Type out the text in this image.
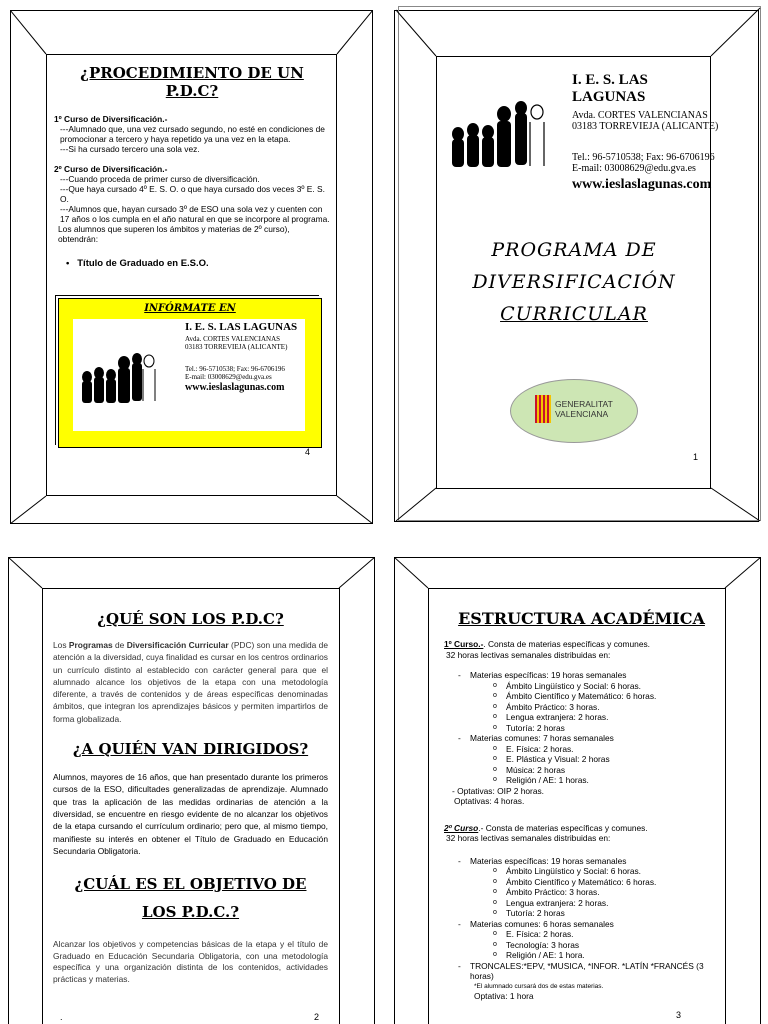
¿PROCEDIMIENTO DE UN P.D.C?

1º Curso de Diversificación.-

---Alumnado que, una vez cursado segundo, no esté en condiciones de promocionar a tercero y haya repetido ya una vez en la etapa.

---Si ha cursado tercero una sola vez.

2º Curso de Diversificación.-

---Cuando proceda de primer curso de diversificación.

---Que haya cursado 4º E. S. O. o que haya cursado dos veces 3º E. S. O.

---Alumnos que, hayan cursado 3º de ESO una sola vez y cuenten con 17 años o los cumpla en el año natural en que se incorpore al programa.

Los alumnos que superen los ámbitos y materias de 2º curso), obtendrán:

•   Título de Graduado en E.S.O.

INFÓRMATE EN

I. E. S. LAS LAGUNAS

Avda. CORTES VALENCIANAS

03183 TORREVIEJA (ALICANTE)

Tel.: 96-5710538; Fax: 96-6706196

E-mail: 03008629@edu.gva.es

www.ieslaslagunas.com

4

I. E. S. LAS LAGUNAS

Avda. CORTES VALENCIANAS

03183 TORREVIEJA (ALICANTE)

Tel.: 96-5710538; Fax: 96-6706196

E-mail: 03008629@edu.gva.es

www.ieslaslagunas.com

PROGRAMA DE

DIVERSIFICACIÓN

CURRICULAR

GENERALITAT

VALENCIANA

1

¿QUÉ SON LOS P.D.C?

Los Programas de Diversificación Curricular (PDC) son una medida de atención a la diversidad, cuya finalidad es cursar en los centros ordinarios un currículo distinto al establecido con carácter general para que el alumnado alcance los objetivos de la etapa con una metodología diferente, a través de contenidos y de áreas específicas denominadas ámbitos, que integran los aprendizajes básicos y permiten impartirlos de forma globalizada.

¿A QUIÉN VAN DIRIGIDOS?

Alumnos, mayores de 16 años, que han presentado durante los primeros cursos de la ESO, dificultades generalizadas de aprendizaje. Alumnado que tras la aplicación de las medidas ordinarias de atención a la diversidad, se encuentre en riesgo evidente de no alcanzar los objetivos de la etapa cursando el currículum ordinario; pero que, al mismo tiempo, manifieste su interés en obtener el Título de Graduado en Educación Secundaria Obligatoria.

¿CUÁL ES EL OBJETIVO DE

LOS P.D.C.?

Alcanzar los objetivos y competencias básicas de la etapa y el título de Graduado en Educación Secundaria Obligatoria, con una metodología específica y una organización distinta de los contenidos, actividades prácticas y materias.

.	2

ESTRUCTURA ACADÉMICA

1º Curso.-. Consta de materias específicas y comunes.

32 horas lectivas semanales distribuidas en:

- Materias específicas: 19 horas semanales
o Ámbito Lingüístico y Social: 6 horas.
o Ámbito Científico y Matemático: 6 horas.
o Ámbito Práctico: 3 horas.
o Lengua extranjera: 2 horas.
o Tutoría: 2 horas
- Materias comunes: 7 horas semanales
o E. Física: 2 horas.
o E. Plástica y Visual: 2 horas
o Música: 2 horas
o Religión / AE: 1 horas.

- Optativas: OIP 2 horas.

Optativas: 4 horas.

2º Curso.- Consta de materias específicas y comunes.

32 horas lectivas semanales distribuidas en:

- Materias específicas: 19 horas semanales
o Ámbito Lingüístico y Social: 6 horas.
o Ámbito Científico y Matemático: 6 horas.
o Ámbito Práctico: 3 horas.
o Lengua extranjera: 2 horas.
o Tutoría: 2 horas
- Materias comunes: 6 horas semanales
o E. Física: 2 horas.
o Tecnología: 3 horas
o Religión / AE: 1 hora.

- TRONCALES:*EPV, *MUSICA, *INFOR. *LATÍN *FRANCÉS (3 horas)

*El alumnado cursará dos de estas materias.

Optativa: 1 hora

3
